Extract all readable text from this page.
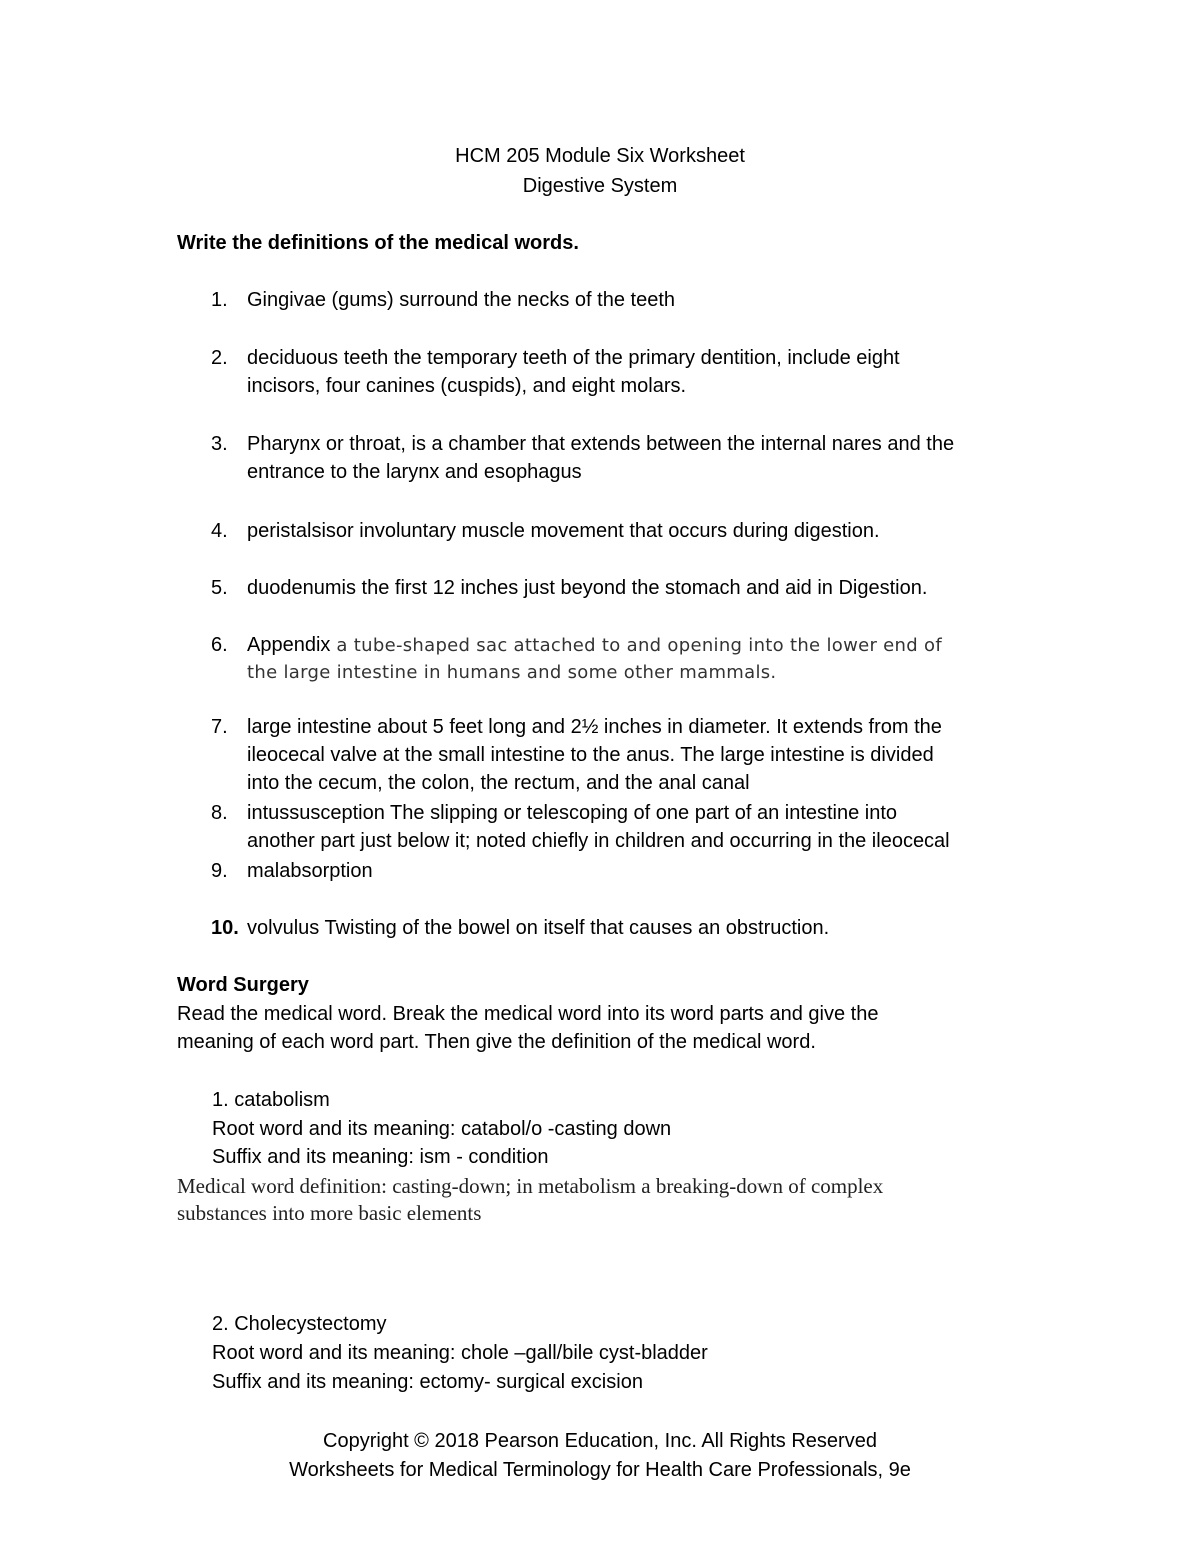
HCM 205 Module Six Worksheet
Digestive System
Write the definitions of the medical words.
1. Gingivae (gums) surround the necks of the teeth
2. deciduous teeth the temporary teeth of the primary dentition, include eight
incisors, four canines (cuspids), and eight molars.
3. Pharynx or throat, is a chamber that extends between the internal nares and the
entrance to the larynx and esophagus
4. peristalsisor involuntary muscle movement that occurs during digestion.
5. duodenumis the first 12 inches just beyond the stomach and aid in Digestion.
6. Appendix a tube-shaped sac attached to and opening into the lower end of
the large intestine in humans and some other mammals.
7. large intestine about 5 feet long and 2½ inches in diameter. It extends from the
ileocecal valve at the small intestine to the anus. The large intestine is divided
into the cecum, the colon, the rectum, and the anal canal
8. intussusception The slipping or telescoping of one part of an intestine into
another part just below it; noted chiefly in children and occurring in the ileocecal
9. malabsorption
10. volvulus Twisting of the bowel on itself that causes an obstruction.
Word Surgery
Read the medical word. Break the medical word into its word parts and give the
meaning of each word part. Then give the definition of the medical word.
1. catabolism
Root word and its meaning: catabol/o -casting down
Suffix and its meaning: ism - condition
Medical word definition: casting-down; in metabolism a breaking-down of complex
substances into more basic elements
2. Cholecystectomy
Root word and its meaning: chole –gall/bile cyst-bladder
Suffix and its meaning: ectomy- surgical excision
Copyright © 2018 Pearson Education, Inc. All Rights Reserved
Worksheets for Medical Terminology for Health Care Professionals, 9e
